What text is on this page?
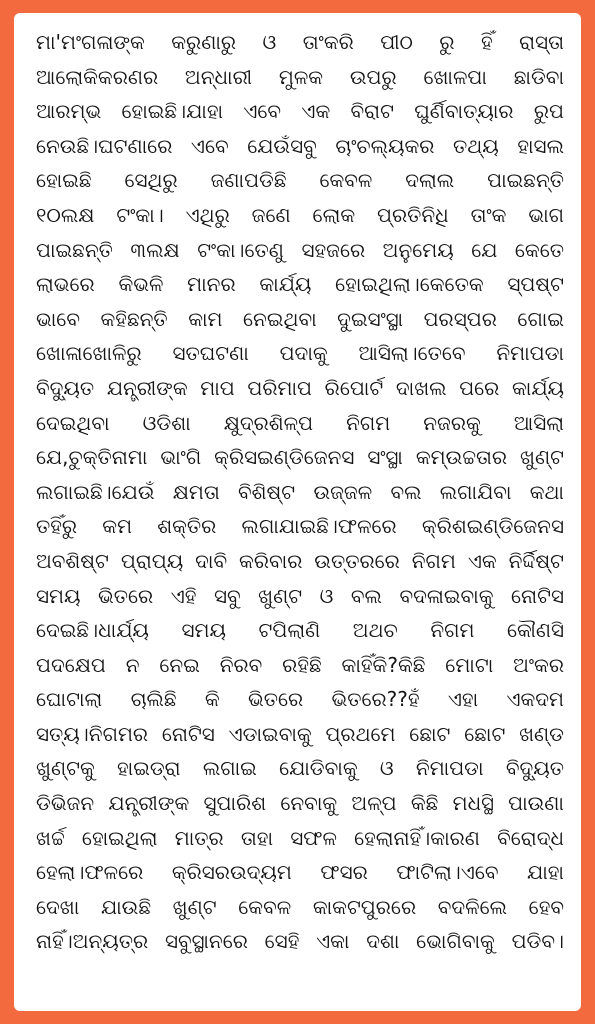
ମା'ମଂଗଳାଙ୍କ କରୁଣାରୁ ଓ ତାଂକରି ପୀଠ ରୁ ହିଁ ରାସ୍ତା
ଆଲୋକିକରଣର ଅନ୍ଧାରୀ ମୁଳକ ଉପରୁ ଖୋଳପା ଛାଡିବା
ଆରମ୍ଭ ହୋଇଛି।ଯାହା ଏବେ ଏକ ବିରାଟ ଘୁର୍ଣିବାତ୍ୟାର ରୁପ
ନେଉଛି।ଘଟଣାରେ ଏବେ ଯେଉଁସବୁ ଚାଂଚଲ୍ୟକର ତଥ୍ୟ ହାସଲ
ହୋଇଛି ସେଥିରୁ ଜଣାପଡିଛି କେବଳ ଦଲାଲ ପାଇଛନ୍ତି
୧୦ଲକ୍ଷ ଟଂକା। ଏଥିରୁ ଜଣେ ଲୋକ ପ୍ରତିନିଧି ତାଂକ ଭାଗ
ପାଇଛନ୍ତି ୩ଲକ୍ଷ ଟଂକା।ତେଣୁ ସହଜରେ ଅନୁମେୟ ଯେ କେତେ
ଲାଭରେ କିଭଳି ମାନର କାର୍ଯ୍ୟ ହୋଇଥିଲା।କେତେକ ସ୍ପଷ୍ଟ
ଭାବେ କହିଛନ୍ତି କାମ ନେଇଥିବା ଦୁଇସଂସ୍ଥା ପରସ୍ପର ଗୋଇ
ଖୋଳାଖୋଳିରୁ ସତଘଟଣା ପଦାକୁ ଆସିଲା।ତେବେ ନିମାପଡା
ବିଦ୍ୟୁତ ଯନ୍ତ୍ରୀଙ୍କ ମାପ ପରିମାପ ରିପୋର୍ଟ ଦାଖଲ ପରେ କାର୍ଯ୍ୟ
ଦେଇଥିବା ଓଡିଶା କ୍ଷୁଦ୍ରଶିଳ୍ପ ନିଗମ ନଜରକୁ ଆସିଲା
ଯେ,ଚୁକ୍ତିନାମା ଭାଂଗି କ୍ରିସଇଣ୍ଡିଜେନସ ସଂସ୍ଥା କମ୍ଉଚ୍ଚତାର ଖୁଣ୍ଟ
ଲଗାଇଛି।ଯେଉଁ କ୍ଷମତା ବିଶିଷ୍ଟ ଉଜ୍ଜଳ ବଲ ଲଗାଯିବା କଥା
ତହିଁରୁ କମ ଶକ୍ତିର ଲଗାଯାଇଛି।ଫଳରେ କ୍ରିଶଇଣ୍ଡିଜେନସ
ଅବଶିଷ୍ଟ ପ୍ରାପ୍ୟ ଦାବି କରିବାର ଉତ୍ତରରେ ନିଗମ ଏକ ନିର୍ଦ୍ଦିଷ୍ଟ
ସମୟ ଭିତରେ ଏହି ସବୁ ଖୁଣ୍ଟ ଓ ବଲ ବଦଳାଇବାକୁ ନୋଟିସ
ଦେଇଛି।ଧାର୍ଯ୍ୟ ସମୟ ଟପିଲାଣି ଅଥଚ ନିଗମ କୌଣସି
ପଦକ୍ଷେପ ନ ନେଇ ନିରବ ରହିଛି କାହିଁକି?କିଛି ମୋଟା ଅଂକର
ଘୋଟାଲା ଚାଲିଛି କି ଭିତରେ ଭିତରେ??ହଁ ଏହା ଏକଦମ
ସତ୍ୟ।ନିଗମର ନୋଟିସ ଏଡାଇବାକୁ ପ୍ରଥମେ ଛୋଟ ଛୋଟ ଖଣ୍ଡ
ଖୁଣ୍ଟକୁ ହାଇଡ୍ରା ଲଗାଇ ଯୋଡିବାକୁ ଓ ନିମାପଡା ବିଦ୍ୟୁତ
ଡିଭିଜନ ଯନ୍ତ୍ରୀଙ୍କ ସୁପାରିଶ ନେବାକୁ ଅଳ୍ପ କିଛି ମଧସ୍ଥି ପାଉଣା
ଖର୍ଚ୍ଚ ହୋଇଥିଲା ମାତ୍ର ତାହା ସଫଳ ହେଲାନାହିଁ।କାରଣ ବିରୋଦ୍ଧ
ହେଲା।ଫଳରେ କ୍ରିସରଉଦ୍ୟମ ଫସର ଫାଟିଲା।ଏବେ ଯାହା
ଦେଖା ଯାଉଛି ଖୁଣ୍ଟ କେବଳ କାକଟପୁରରେ ବଦଳିଲେ ହେବ
ନାହିଁ।ଅନ୍ୟତ୍ର ସବୁସ୍ଥାନରେ ସେହି ଏକା ଦଶା ଭୋଗିବାକୁ ପଡିବ।
